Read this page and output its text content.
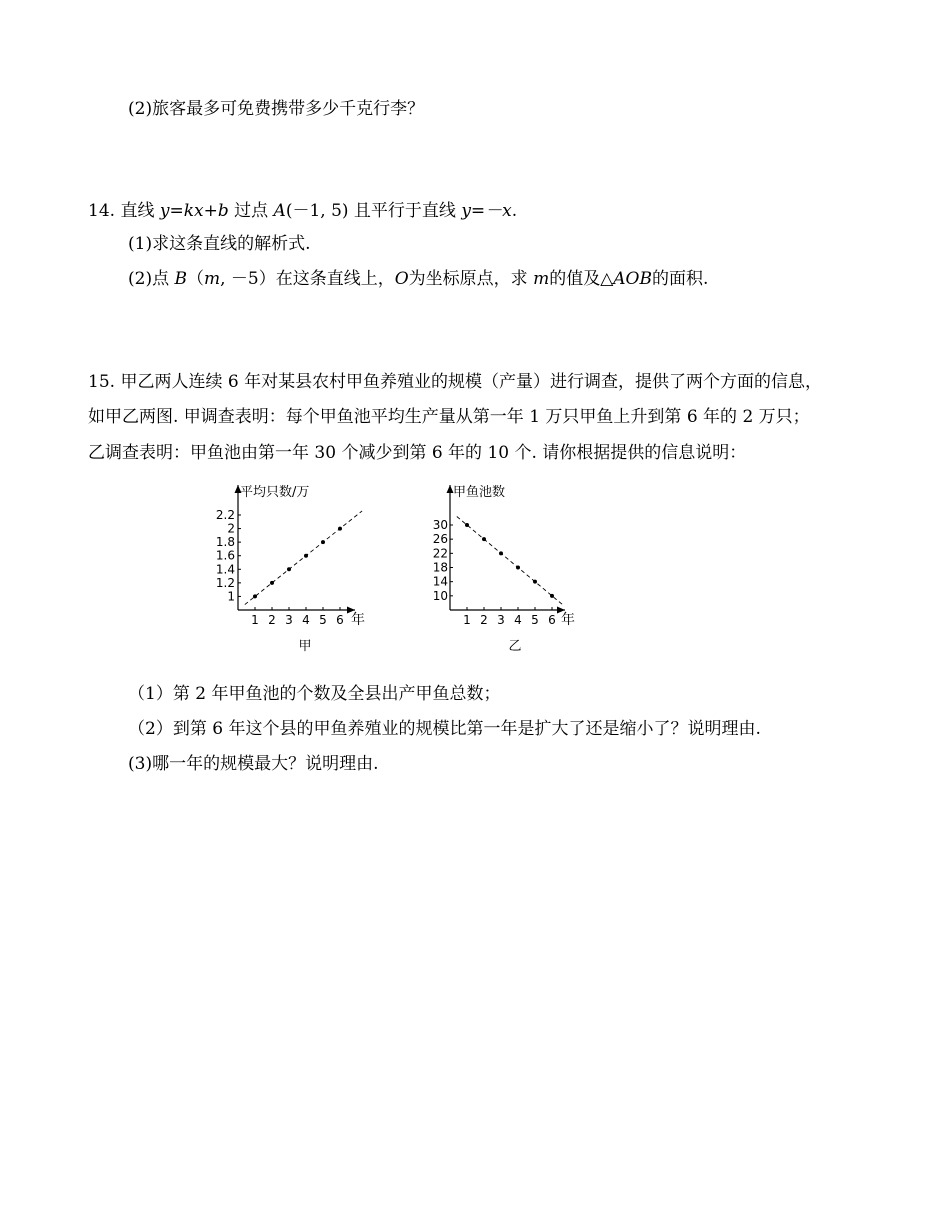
(2)旅客最多可免费携带多少千克行李？
14. 直线 y=kx+b 过点 A(－1, 5) 且平行于直线 y=－x.
(1)求这条直线的解析式.
(2)点 B（m, －5）在这条直线上，O为坐标原点，求 m的值及△AOB的面积.
15. 甲乙两人连续 6 年对某县农村甲鱼养殖业的规模（产量）进行调查，提供了两个方面的信息，
如甲乙两图. 甲调查表明：每个甲鱼池平均生产量从第一年 1 万只甲鱼上升到第 6 年的 2 万只；
乙调查表明：甲鱼池由第一年 30 个减少到第 6 年的 10 个. 请你根据提供的信息说明：
平均只数/万
年
甲
1 2 3 4 5 6
1
1.2
1.4
1.6
1.8
2
2.2
甲鱼池数
年
乙
1 2 3 4 5 6
10
14
18
22
26
30
（1）第 2 年甲鱼池的个数及全县出产甲鱼总数；
（2）到第 6 年这个县的甲鱼养殖业的规模比第一年是扩大了还是缩小了？说明理由.
(3)哪一年的规模最大？说明理由.
